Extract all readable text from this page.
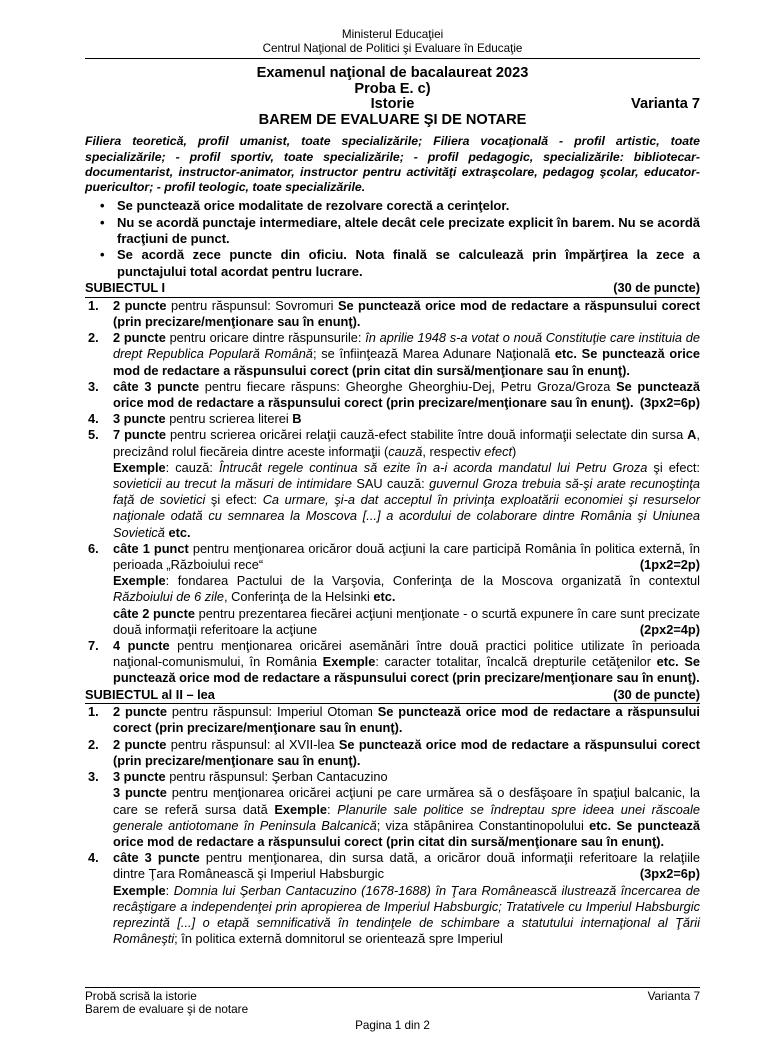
Ministerul Educaţiei
Centrul Naţional de Politici şi Evaluare în Educaţie
Examenul naţional de bacalaureat 2023
Proba E. c)
Istorie	Varianta 7
BAREM DE EVALUARE ŞI DE NOTARE

Filiera teoretică, profil umanist, toate specializările; Filiera vocaţională - profil artistic, toate specializările; - profil sportiv, toate specializările; - profil pedagogic, specializările: bibliotecar-documentarist, instructor-animator, instructor pentru activităţi extraşcolare, pedagog şcolar, educator-puericultor; - profil teologic, toate specializările.

• Se punctează orice modalitate de rezolvare corectă a cerinţelor.
• Nu se acordă punctaje intermediare, altele decât cele precizate explicit în barem. Nu se acordă fracţiuni de punct.
• Se acordă zece puncte din oficiu. Nota finală se calculează prin împărţirea la zece a punctajului total acordat pentru lucrare.
SUBIECTUL I	(30 de puncte)
1.	2 puncte pentru răspunsul: Sovromuri Se punctează orice mod de redactare a răspunsului corect (prin precizare/menţionare sau în enunţ).

2.	2 puncte pentru oricare dintre răspunsurile: în aprilie 1948 s-a votat o nouă Constituţie care instituia de drept Republica Populară Română; se înfiinţează Marea Adunare Naţională etc. Se punctează orice mod de redactare a răspunsului corect (prin citat din sursă/menţionare sau în enunţ).

3.	câte 3 puncte pentru fiecare răspuns: Gheorghe Gheorghiu-Dej, Petru Groza/Groza Se punctează orice mod de redactare a răspunsului corect (prin precizare/menţionare sau în enunţ). (3px2=6p)

4.	3 puncte pentru scrierea literei B

5.	7 puncte pentru scrierea oricărei relaţii cauză-efect stabilite între două informaţii selectate din sursa A, precizând rolul fiecăreia dintre aceste informaţii (cauză, respectiv efect)
Exemple: cauză: Întrucât regele continua să ezite în a-i acorda mandatul lui Petru Groza şi efect: sovieticii au trecut la măsuri de intimidare SAU cauză: guvernul Groza trebuia să-şi arate recunoştinţa faţă de sovietici şi efect: Ca urmare, şi-a dat acceptul în privinţa exploatării economiei şi resurselor naţionale odată cu semnarea la Moscova [...] a acordului de colaborare dintre România şi Uniunea Sovietică etc.

6.	câte 1 punct pentru menţionarea oricăror două acţiuni la care participă România în politica externă, în perioada „Războiului rece“	(1px2=2p)

Exemple: fondarea Pactului de la Varşovia, Conferinţa de la Moscova organizată în contextul Războiului de 6 zile, Conferinţa de la Helsinki etc.
câte 2 puncte pentru prezentarea fiecărei acţiuni menţionate - o scurtă expunere în care sunt precizate două informaţii referitoare la acţiune	(2px2=4p)

7.	4 puncte pentru menţionarea oricărei asemănări între două practici politice utilizate în perioada naţional-comunismului, în România Exemple: caracter totalitar, încalcă drepturile cetăţenilor etc. Se punctează orice mod de redactare a răspunsului corect (prin precizare/menţionare sau în enunţ).

SUBIECTUL al II – lea	(30 de puncte)
1.	2 puncte pentru răspunsul: Imperiul Otoman Se punctează orice mod de redactare a răspunsului corect (prin precizare/menţionare sau în enunţ).

2.	2 puncte pentru răspunsul: al XVII-lea Se punctează orice mod de redactare a răspunsului corect (prin precizare/menţionare sau în enunţ).

3.	3 puncte pentru răspunsul: Şerban Cantacuzino
3 puncte pentru menţionarea oricărei acţiuni pe care urmărea să o desfăşoare în spaţiul balcanic, la care se referă sursa dată Exemple: Planurile sale politice se îndreptau spre ideea unei răscoale generale antiotomane în Peninsula Balcanică; viza stăpânirea Constantinopolului etc. Se punctează orice mod de redactare a răspunsului corect (prin citat din sursă/menţionare sau în enunţ).

4.	câte 3 puncte pentru menţionarea, din sursa dată, a oricăror două informaţii referitoare la relaţiile dintre Ţara Românească şi Imperiul Habsburgic	(3px2=6p)

Exemple: Domnia lui Şerban Cantacuzino (1678-1688) în Ţara Românească ilustrează încercarea de recâştigare a independenţei prin apropierea de Imperiul Habsburgic; Tratativele cu Imperiul Habsburgic reprezintă [...] o etapă semnificativă în tendinţele de schimbare a statutului internaţional al Ţării Româneşti; în politica externă domnitorul se orientează spre Imperiul

Probă scrisă la istorie
Barem de evaluare şi de notare
Varianta 7
Pagina 1 din 2
